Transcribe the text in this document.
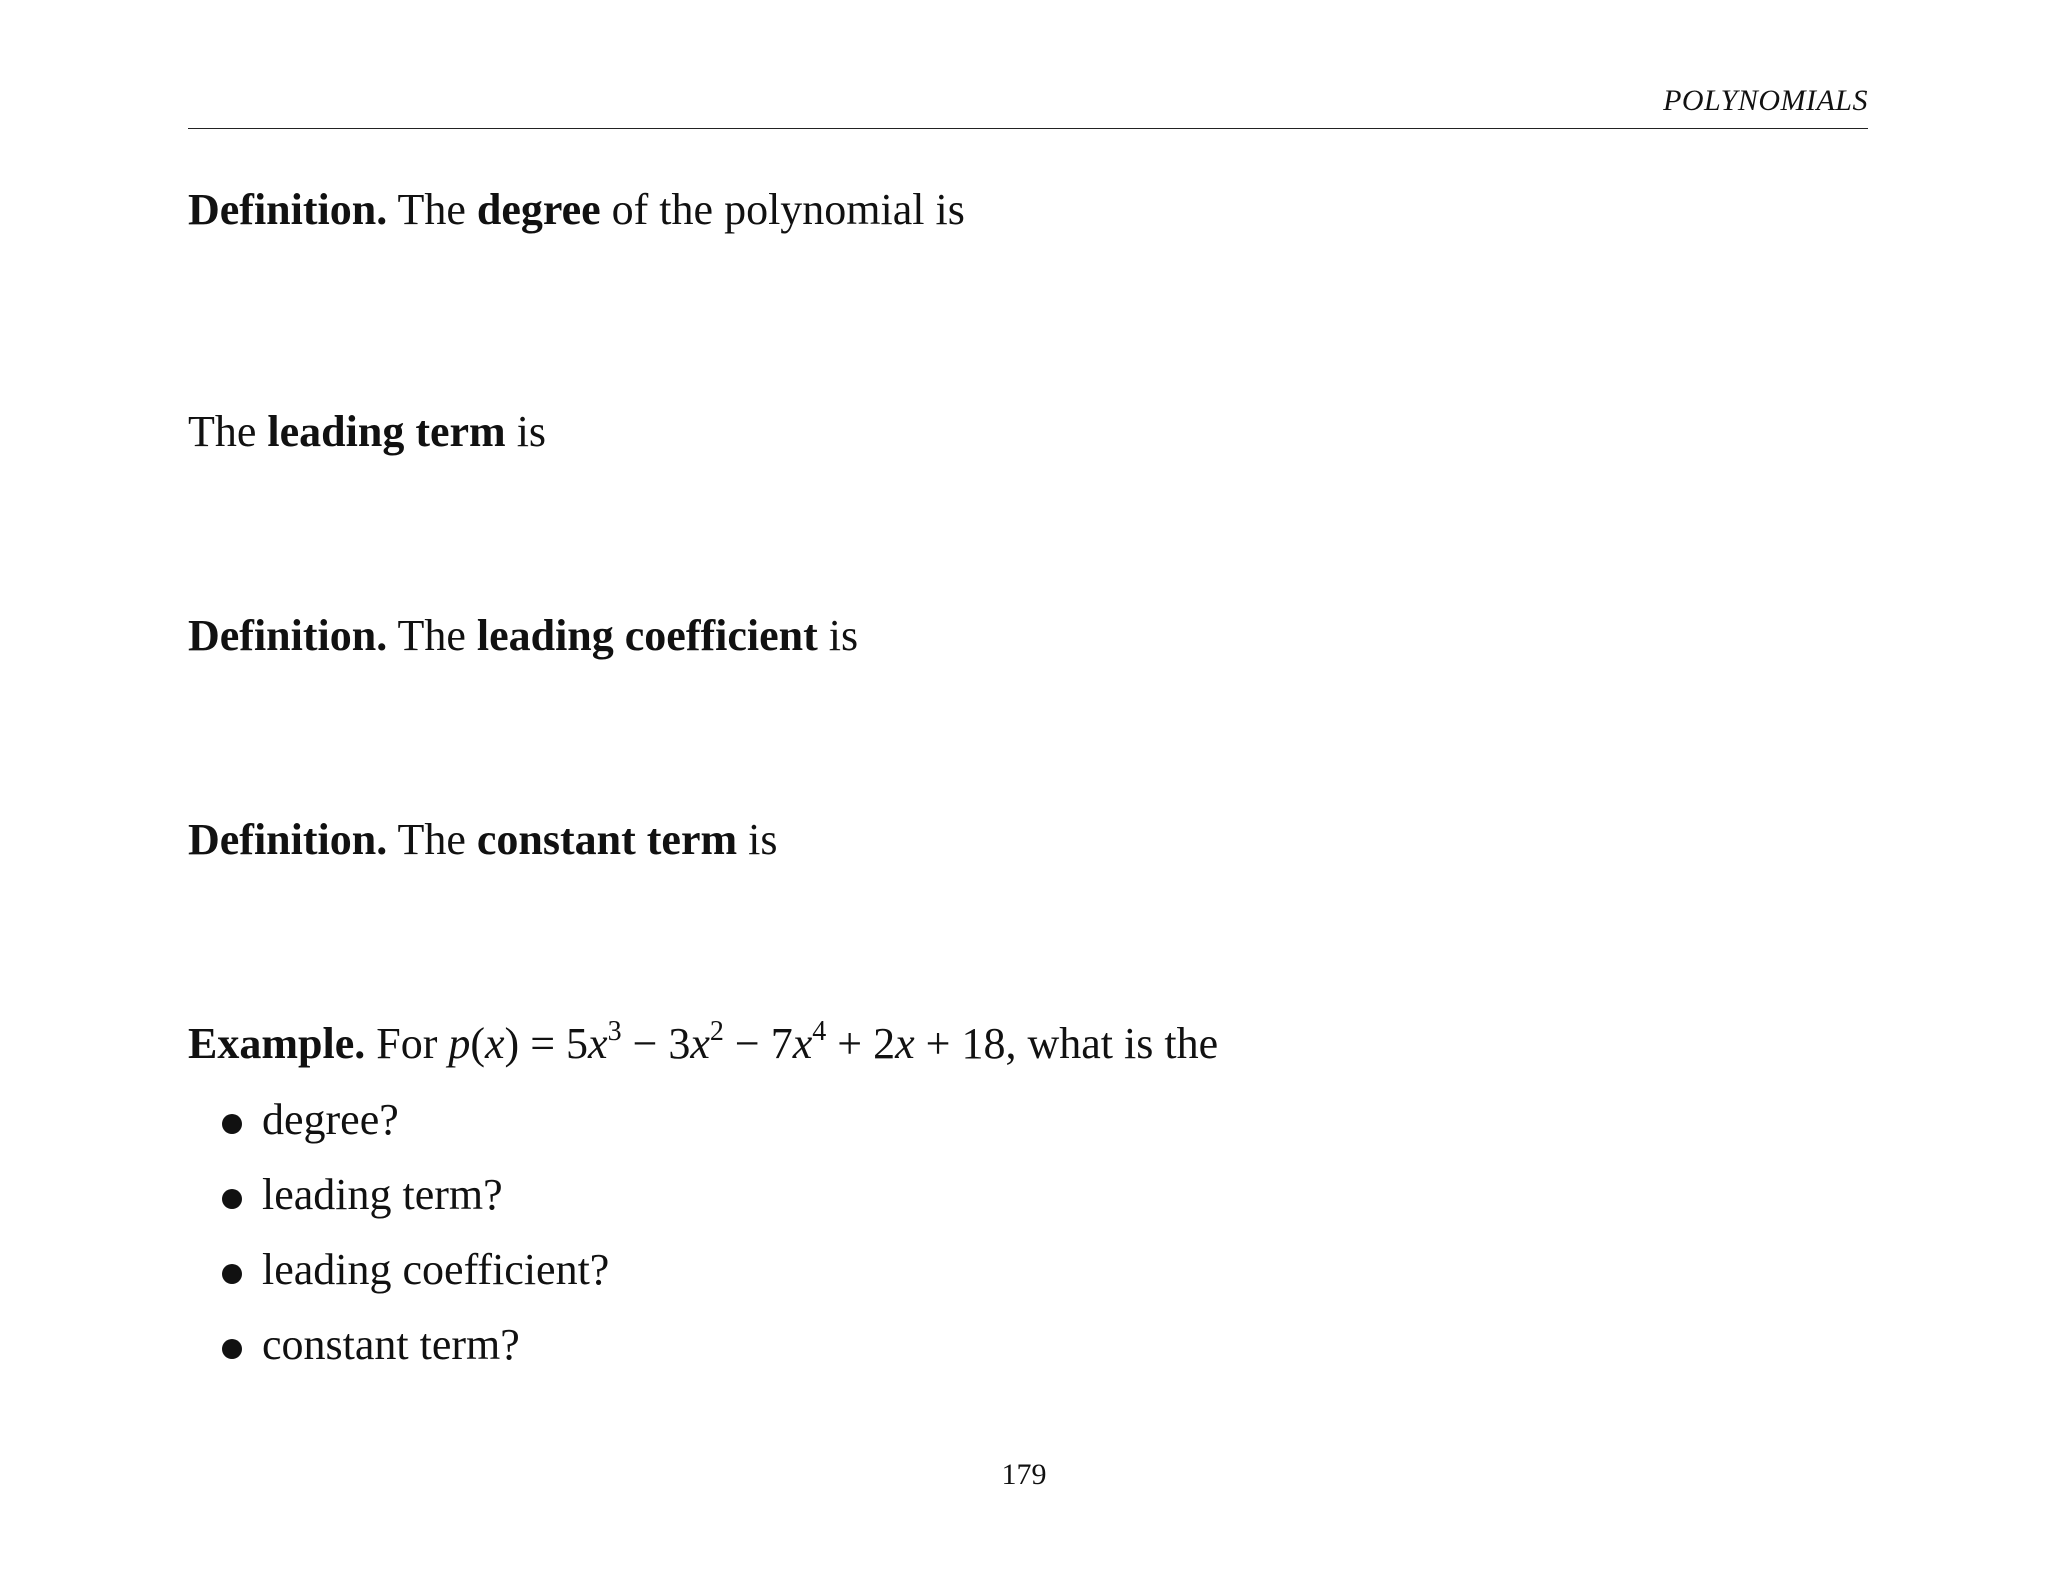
POLYNOMIALS
Definition. The degree of the polynomial is
The leading term is
Definition. The leading coefficient is
Definition. The constant term is
Example. For $p(x) = 5x^3 - 3x^2 - 7x^4 + 2x + 18$, what is the
degree?
leading term?
leading coefficient?
constant term?
179
